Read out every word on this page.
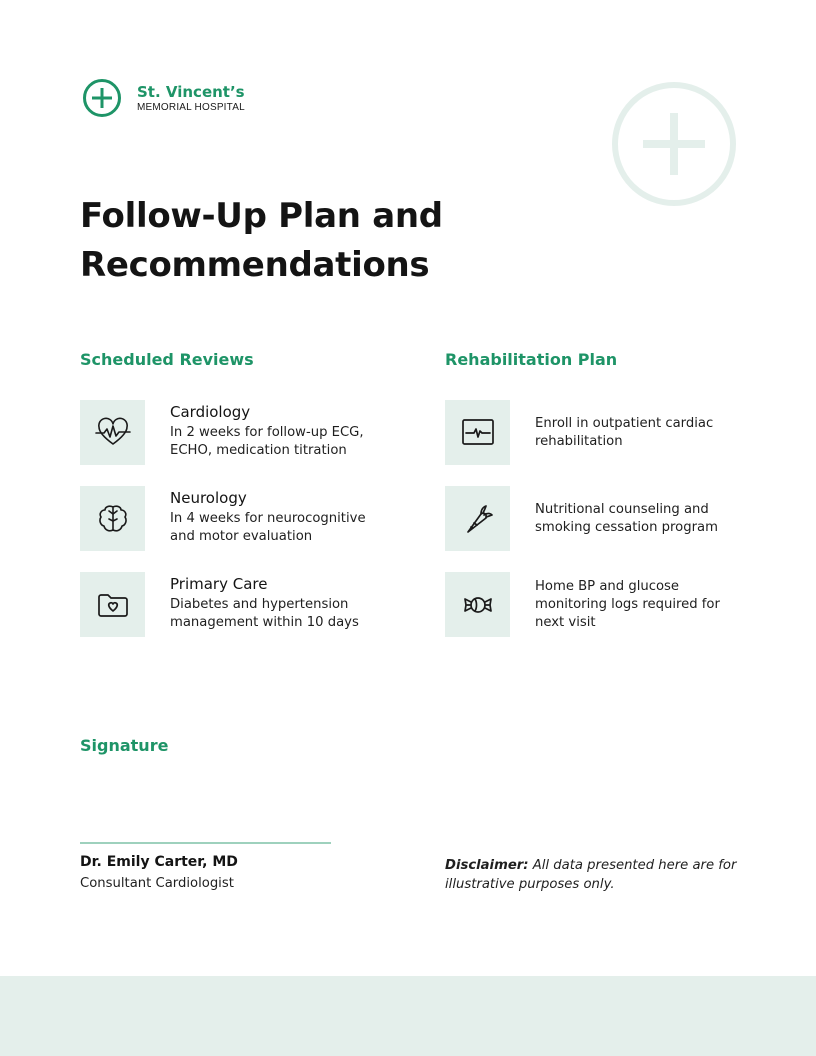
St. Vincent’s
MEMORIAL HOSPITAL
Follow-Up Plan and Recommendations
Scheduled Reviews
Cardiology
In 2 weeks for follow-up ECG, ECHO, medication titration
Neurology
In 4 weeks for neurocognitive and motor evaluation
Primary Care
Diabetes and hypertension management within 10 days
Rehabilitation Plan
Enroll in outpatient cardiac rehabilitation
Nutritional counseling and smoking cessation program
Home BP and glucose monitoring logs required for next visit
Signature
Dr. Emily Carter, MD
Consultant Cardiologist
Disclaimer: All data presented here are for illustrative purposes only.
